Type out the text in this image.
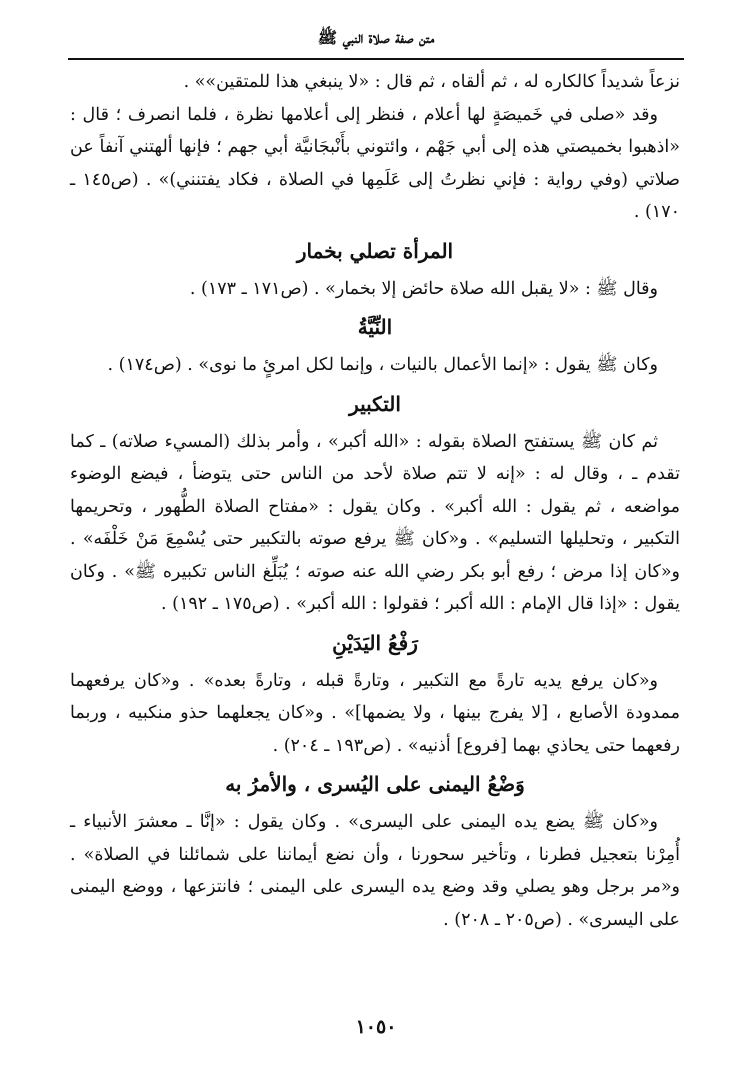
متن صفة صلاة النبي ﷺ

نزعاً شديداً كالكاره له ، ثم ألقاه ، ثم قال : «لا ينبغي هذا للمتقين»» .

وقد «صلى في خَميصَةٍ لها أعلام ، فنظر إلى أعلامها نظرة ، فلما انصرف ؛ قال : «اذهبوا بخميصتي هذه إلى أبي جَهْم ، وائتوني بأَنْبجَانيَّة أبي جهم ؛ فإنها ألهتني آنفاً عن صلاتي (وفي رواية : فإني نظرتُ إلى عَلَمِها في الصلاة ، فكاد يفتنني)» . (ص١٤٥ ـ ١٧٠) .

المرأة تصلي بخمار

وقال ﷺ : «لا يقبل الله صلاة حائض إلا بخمار» . (ص١٧١ ـ ١٧٣) .

النِّيَّةُ

وكان ﷺ يقول : «إنما الأعمال بالنيات ، وإنما لكل امرئٍ ما نوى» . (ص١٧٤) .

التكبير

ثم كان ﷺ يستفتح الصلاة بقوله : «الله أكبر» ، وأمر بذلك (المسيء صلاته) ـ كما تقدم ـ ، وقال له : «إنه لا تتم صلاة لأحد من الناس حتى يتوضأ ، فيضع الوضوء مواضعه ، ثم يقول : الله أكبر» . وكان يقول : «مفتاح الصلاة الطُّهور ، وتحريمها التكبير ، وتحليلها التسليم» . و«كان ﷺ يرفع صوته بالتكبير حتى يُسْمِعَ مَنْ خَلْفَه» . و«كان إذا مرض ؛ رفع أبو بكر رضي الله عنه صوته ؛ يُبَلِّغ الناس تكبيره ﷺ» . وكان يقول : «إذا قال الإمام : الله أكبر ؛ فقولوا : الله أكبر» . (ص١٧٥ ـ ١٩٢) .

رَفْعُ اليَدَيْنِ

و«كان يرفع يديه تارةً مع التكبير ، وتارةً قبله ، وتارةً بعده» . و«كان يرفعهما ممدودة الأصابع ، [لا يفرج بينها ، ولا يضمها]» . و«كان يجعلهما حذو منكبيه ، وربما رفعهما حتى يحاذي بهما [فروع] أذنيه» . (ص١٩٣ ـ ٢٠٤) .

وَضْعُ اليمنى على اليُسرى ، والأمرُ به

و«كان ﷺ يضع يده اليمنى على اليسرى» . وكان يقول : «إنَّا ـ معشرَ الأنبياء ـ أُمِرْنا بتعجيل فطرنا ، وتأخير سحورنا ، وأن نضع أيماننا على شمائلنا في الصلاة» . و«مر برجل وهو يصلي وقد وضع يده اليسرى على اليمنى ؛ فانتزعها ، ووضع اليمنى على اليسرى» . (ص٢٠٥ ـ ٢٠٨) .

١٠٥٠
